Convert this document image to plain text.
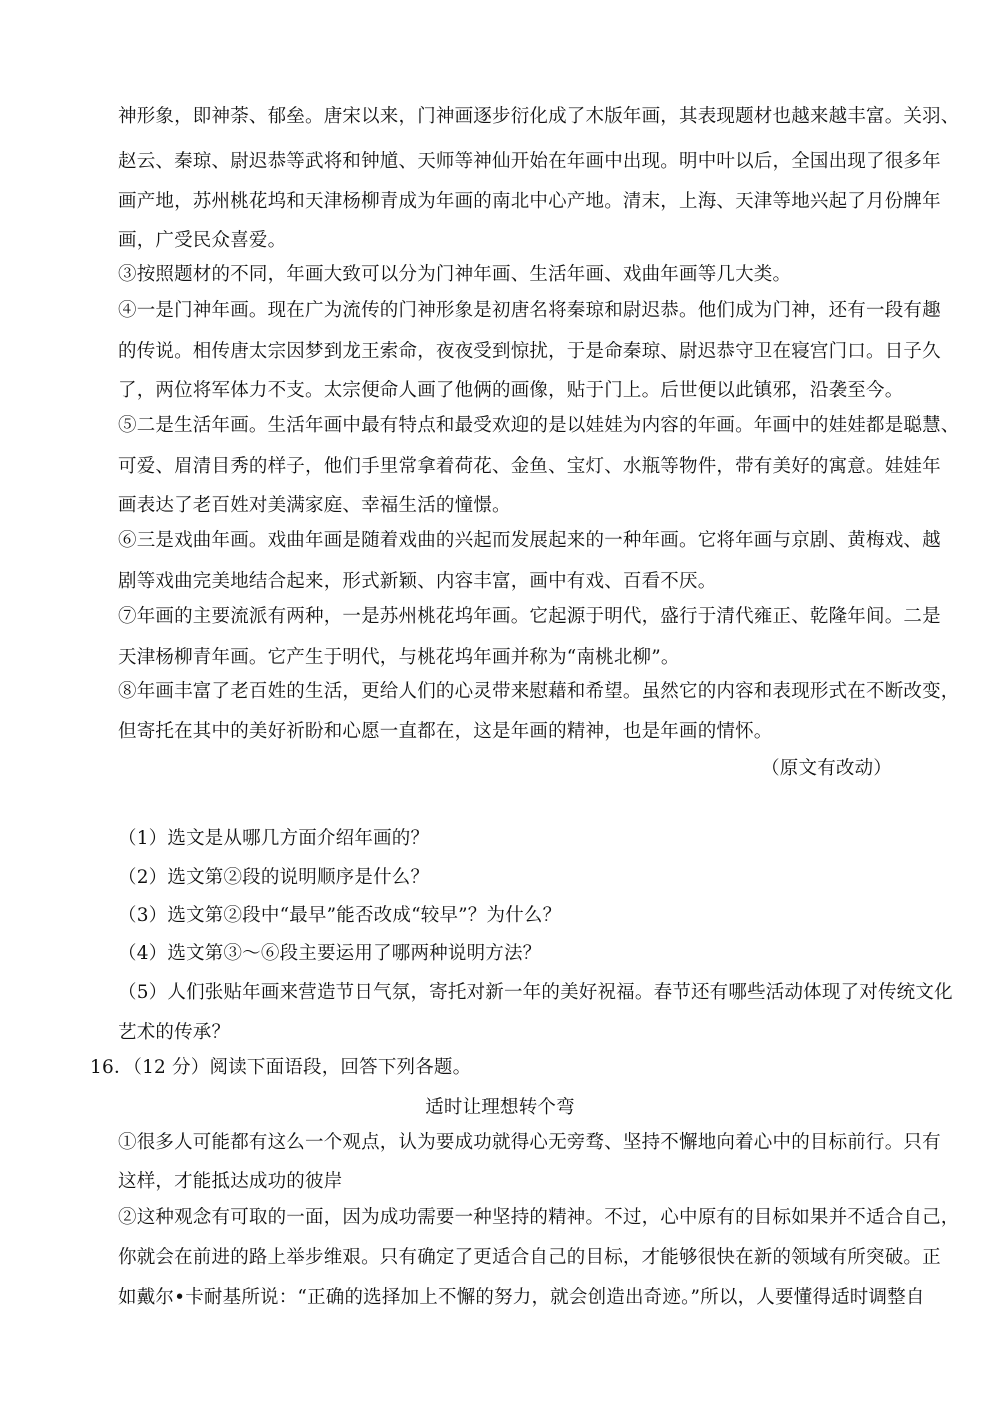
神形象，即神荼、郁垒。唐宋以来，门神画逐步衍化成了木版年画，其表现题材也越来越丰富。关羽、
赵云、秦琼、尉迟恭等武将和钟馗、天师等神仙开始在年画中出现。明中叶以后，全国出现了很多年
画产地，苏州桃花坞和天津杨柳青成为年画的南北中心产地。清末，上海、天津等地兴起了月份牌年
画，广受民众喜爱。
③按照题材的不同，年画大致可以分为门神年画、生活年画、戏曲年画等几大类。
④一是门神年画。现在广为流传的门神形象是初唐名将秦琼和尉迟恭。他们成为门神，还有一段有趣
的传说。相传唐太宗因梦到龙王索命，夜夜受到惊扰，于是命秦琼、尉迟恭守卫在寝宫门口。日子久
了，两位将军体力不支。太宗便命人画了他俩的画像，贴于门上。后世便以此镇邪，沿袭至今。
⑤二是生活年画。生活年画中最有特点和最受欢迎的是以娃娃为内容的年画。年画中的娃娃都是聪慧、
可爱、眉清目秀的样子，他们手里常拿着荷花、金鱼、宝灯、水瓶等物件，带有美好的寓意。娃娃年
画表达了老百姓对美满家庭、幸福生活的憧憬。
⑥三是戏曲年画。戏曲年画是随着戏曲的兴起而发展起来的一种年画。它将年画与京剧、黄梅戏、越
剧等戏曲完美地结合起来，形式新颖、内容丰富，画中有戏、百看不厌。
⑦年画的主要流派有两种，一是苏州桃花坞年画。它起源于明代，盛行于清代雍正、乾隆年间。二是
天津杨柳青年画。它产生于明代，与桃花坞年画并称为“南桃北柳”。
⑧年画丰富了老百姓的生活，更给人们的心灵带来慰藉和希望。虽然它的内容和表现形式在不断改变，
但寄托在其中的美好祈盼和心愿一直都在，这是年画的精神，也是年画的情怀。
（原文有改动）
（1）选文是从哪几方面介绍年画的？
（2）选文第②段的说明顺序是什么？
（3）选文第②段中“最早”能否改成“较早”？为什么？
（4）选文第③～⑥段主要运用了哪两种说明方法？
（5）人们张贴年画来营造节日气氛，寄托对新一年的美好祝福。春节还有哪些活动体现了对传统文化
艺术的传承？
16．（12 分）阅读下面语段，回答下列各题。
适时让理想转个弯
①很多人可能都有这么一个观点，认为要成功就得心无旁骛、坚持不懈地向着心中的目标前行。只有
这样，才能抵达成功的彼岸
②这种观念有可取的一面，因为成功需要一种坚持的精神。不过，心中原有的目标如果并不适合自己，
你就会在前进的路上举步维艰。只有确定了更适合自己的目标，才能够很快在新的领域有所突破。正
如戴尔•卡耐基所说：“正确的选择加上不懈的努力，就会创造出奇迹。”所以，人要懂得适时调整自
